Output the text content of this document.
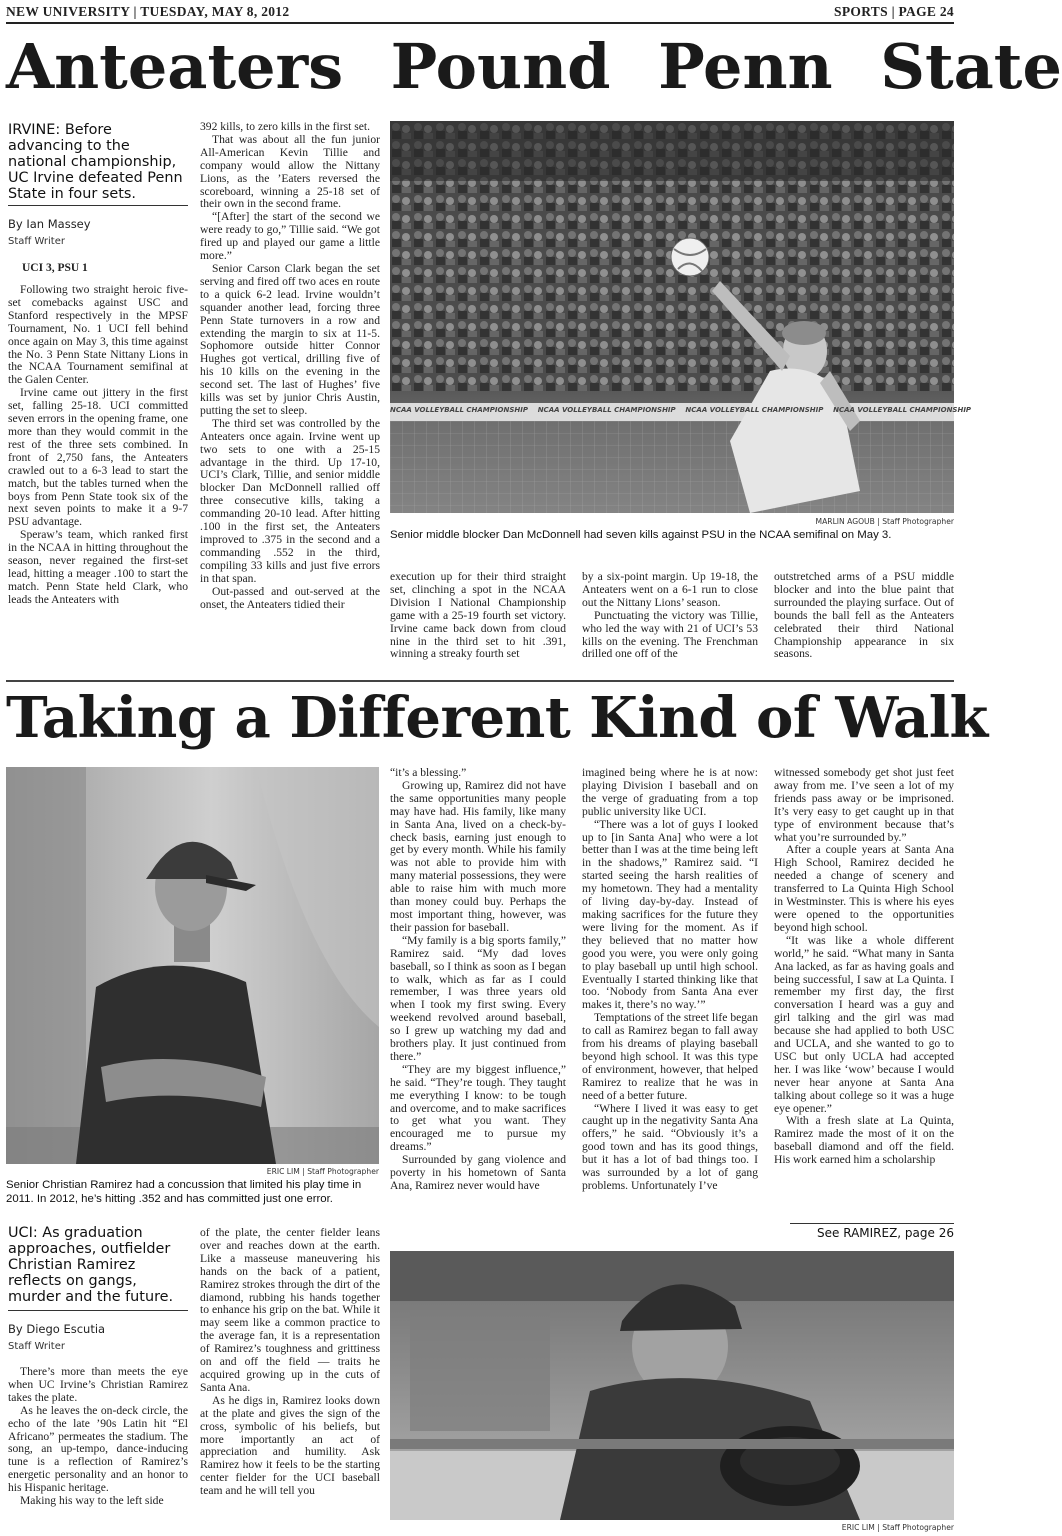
NEW UNIVERSITY | TUESDAY, MAY 8, 2012	SPORTS | PAGE 24
Anteaters Pound Penn State
IRVINE: Before advancing to the national championship, UC Irvine defeated Penn State in four sets.
By Ian Massey
Staff Writer
UCI 3, PSU 1

Following two straight heroic five-set comebacks against USC and Stanford respectively in the MPSF Tournament, No. 1 UCI fell behind once again on May 3, this time against the No. 3 Penn State Nittany Lions in the NCAA Tournament semifinal at the Galen Center.

Irvine came out jittery in the first set, falling 25-18. UCI committed seven errors in the opening frame, one more than they would commit in the rest of the three sets combined. In front of 2,750 fans, the Anteaters crawled out to a 6-3 lead to start the match, but the tables turned when the boys from Penn State took six of the next seven points to make it a 9-7 PSU advantage.

Speraw’s team, which ranked first in the NCAA in hitting throughout the season, never regained the first-set lead, hitting a meager .100 to start the match. Penn State held Clark, who leads the Anteaters with

392 kills, to zero kills in the first set.

That was about all the fun junior All-American Kevin Tillie and company would allow the Nittany Lions, as the ’Eaters reversed the scoreboard, winning a 25-18 set of their own in the second frame.

“[After] the start of the second we were ready to go,” Tillie said. “We got fired up and played our game a little more.”

Senior Carson Clark began the set serving and fired off two aces en route to a quick 6-2 lead. Irvine wouldn’t squander another lead, forcing three Penn State turnovers in a row and extending the margin to six at 11-5. Sophomore outside hitter Connor Hughes got vertical, drilling five of his 10 kills on the evening in the second set. The last of Hughes’ five kills was set by junior Chris Austin, putting the set to sleep.

The third set was controlled by the Anteaters once again. Irvine went up two sets to one with a 25-15 advantage in the third. Up 17-10, UCI’s Clark, Tillie, and senior middle blocker Dan McDonnell rallied off three consecutive kills, taking a commanding 20-10 lead. After hitting .100 in the first set, the Anteaters improved to .375 in the second and a commanding .552 in the third, compiling 33 kills and just five errors in that span.

Out-passed and out-served at the onset, the Anteaters tidied their

NCAA VOLLEYBALL CHAMPIONSHIP NCAA VOLLEYBALL CHAMPIONSHIP NCAA VOLLEYBALL CHAMPIONSHIP NCAA VOLLEYBALL CHAMPIONSHIP
MARLIN AGOUB | Staff Photographer
Senior middle blocker Dan McDonnell had seven kills against PSU in the NCAA semifinal on May 3.

execution up for their third straight set, clinching a spot in the NCAA Division I National Championship game with a 25-19 fourth set victory. Irvine came back down from cloud nine in the third set to hit .391, winning a streaky fourth set

by a six-point margin. Up 19-18, the Anteaters went on a 6-1 run to close out the Nittany Lions’ season.

Punctuating the victory was Tillie, who led the way with 21 of UCI’s 53 kills on the evening. The Frenchman drilled one off of the

outstretched arms of a PSU middle blocker and into the blue paint that surrounded the playing surface. Out of bounds the ball fell as the Anteaters celebrated their third National Championship appearance in six seasons.

Taking a Different Kind of Walk
ERIC LIM | Staff Photographer
Senior Christian Ramirez had a concussion that limited his play time in 2011. In 2012, he’s hitting .352 and has committed just one error.
UCI: As graduation approaches, outfielder Christian Ramirez reflects on gangs, murder and the future.
By Diego Escutia
Staff Writer

There’s more than meets the eye when UC Irvine’s Christian Ramirez takes the plate.

As he leaves the on-deck circle, the echo of the late ’90s Latin hit “El Africano” permeates the stadium. The song, an up-tempo, dance-inducing tune is a reflection of Ramirez’s energetic personality and an honor to his Hispanic heritage.

Making his way to the left side

of the plate, the center fielder leans over and reaches down at the earth. Like a masseuse maneuvering his hands on the back of a patient, Ramirez strokes through the dirt of the diamond, rubbing his hands together to enhance his grip on the bat. While it may seem like a common practice to the average fan, it is a representation of Ramirez’s toughness and grittiness on and off the field — traits he acquired growing up in the cuts of Santa Ana.

As he digs in, Ramirez looks down at the plate and gives the sign of the cross, symbolic of his beliefs, but more importantly an act of appreciation and humility. Ask Ramirez how it feels to be the starting center fielder for the UCI baseball team and he will tell you

“it’s a blessing.”

Growing up, Ramirez did not have the same opportunities many people may have had. His family, like many in Santa Ana, lived on a check-by-check basis, earning just enough to get by every month. While his family was not able to provide him with many material possessions, they were able to raise him with much more than money could buy. Perhaps the most important thing, however, was their passion for baseball.

“My family is a big sports family,” Ramirez said. “My dad loves baseball, so I think as soon as I began to walk, which as far as I could remember, I was three years old when I took my first swing. Every weekend revolved around baseball, so I grew up watching my dad and brothers play. It just continued from there.”

“They are my biggest influence,” he said. “They’re tough. They taught me everything I know: to be tough and overcome, and to make sacrifices to get what you want. They encouraged me to pursue my dreams.”

Surrounded by gang violence and poverty in his hometown of Santa Ana, Ramirez never would have

imagined being where he is at now: playing Division I baseball and on the verge of graduating from a top public university like UCI.

“There was a lot of guys I looked up to [in Santa Ana] who were a lot better than I was at the time being left in the shadows,” Ramirez said. “I started seeing the harsh realities of my hometown. They had a mentality of living day-by-day. Instead of making sacrifices for the future they were living for the moment. As if they believed that no matter how good you were, you were only going to play baseball up until high school. Eventually I started thinking like that too. ‘Nobody from Santa Ana ever makes it, there’s no way.’”

Temptations of the street life began to call as Ramirez began to fall away from his dreams of playing baseball beyond high school. It was this type of environment, however, that helped Ramirez to realize that he was in need of a better future.

“Where I lived it was easy to get caught up in the negativity Santa Ana offers,” he said. “Obviously it’s a good town and has its good things, but it has a lot of bad things too. I was surrounded by a lot of gang problems. Unfortunately I’ve

witnessed somebody get shot just feet away from me. I’ve seen a lot of my friends pass away or be imprisoned. It’s very easy to get caught up in that type of environment because that’s what you’re surrounded by.”

After a couple years at Santa Ana High School, Ramirez decided he needed a change of scenery and transferred to La Quinta High School in Westminster. This is where his eyes were opened to the opportunities beyond high school.

“It was like a whole different world,” he said. “What many in Santa Ana lacked, as far as having goals and being successful, I saw at La Quinta. I remember my first day, the first conversation I heard was a guy and girl talking and the girl was mad because she had applied to both USC and UCLA, and she wanted to go to USC but only UCLA had accepted her. I was like ‘wow’ because I would never hear anyone at Santa Ana talking about college so it was a huge eye opener.”

With a fresh slate at La Quinta, Ramirez made the most of it on the baseball diamond and off the field. His work earned him a scholarship

See RAMIREZ, page 26
ERIC LIM | Staff Photographer
